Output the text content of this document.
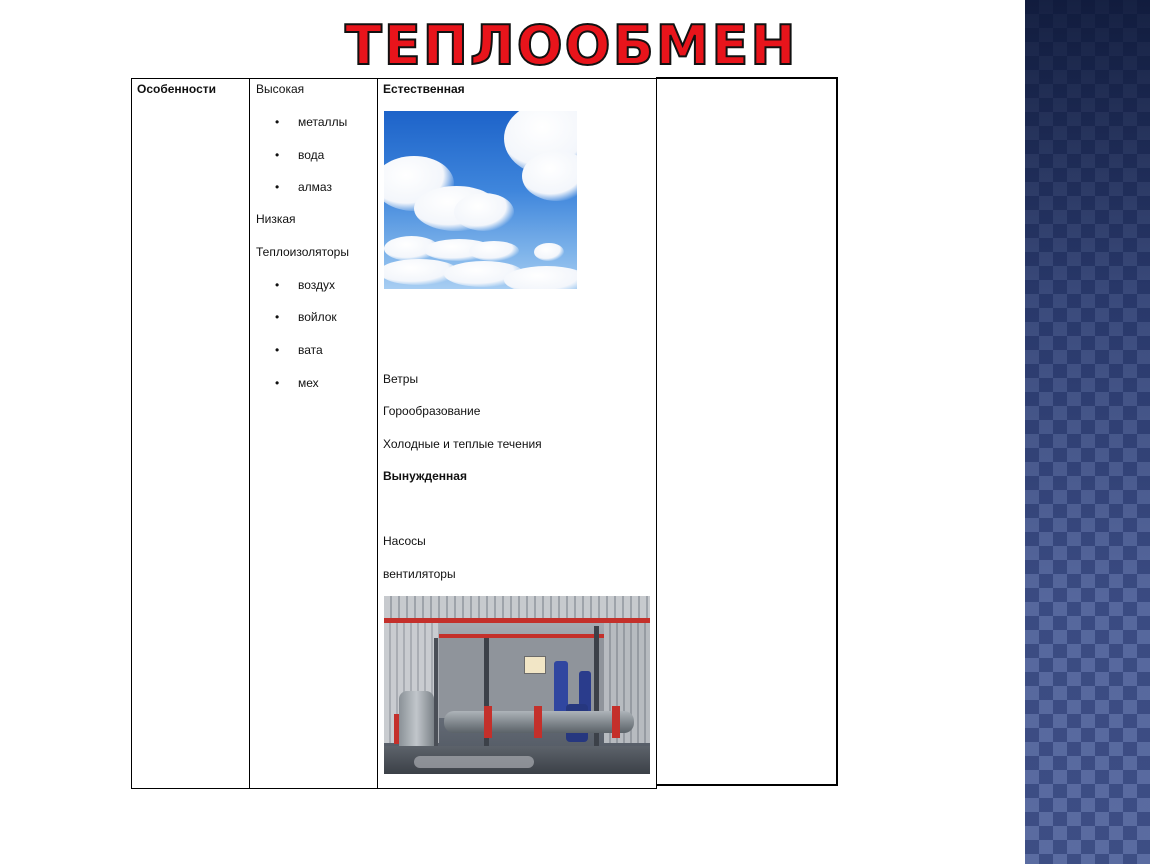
ТЕПЛООБМЕН
Особенности	Высокая
• металлы
• вода
• алмаз
Низкая
Теплоизоляторы
• воздух
• войлок
• вата
• мех
Естественная
Ветры
Горообразование
Холодные и теплые течения
Вынужденная
Насосы
вентиляторы
